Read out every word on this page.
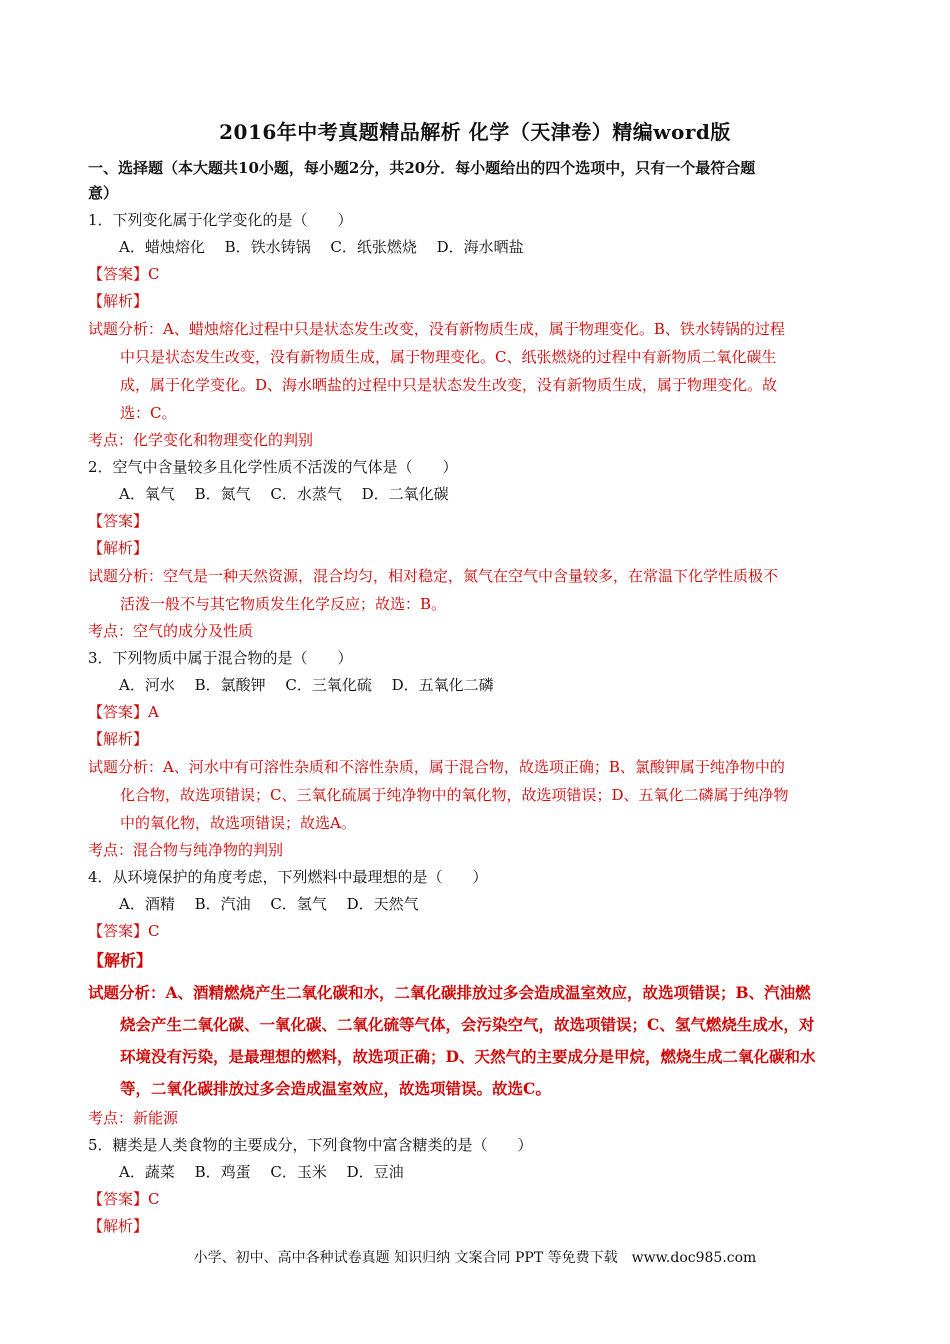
2016年中考真题精品解析 化学（天津卷）精编word版
一、选择题（本大题共10小题，每小题2分，共20分．每小题给出的四个选项中，只有一个最符合题
意）
1．下列变化属于化学变化的是（　　）
A．蜡烛熔化　 B．铁水铸锅　 C．纸张燃烧　 D．海水晒盐
【答案】C
【解析】
试题分析：A、蜡烛熔化过程中只是状态发生改变，没有新物质生成，属于物理变化。B、铁水铸锅的过程
中只是状态发生改变，没有新物质生成，属于物理变化。C、纸张燃烧的过程中有新物质二氧化碳生
成，属于化学变化。D、海水晒盐的过程中只是状态发生改变，没有新物质生成，属于物理变化。故
选：C。
考点：化学变化和物理变化的判别
2．空气中含量较多且化学性质不活泼的气体是（　　）
A．氧气　 B．氮气　 C．水蒸气　 D．二氧化碳
【答案】
【解析】
试题分析：空气是一种天然资源，混合均匀，相对稳定，氮气在空气中含量较多，在常温下化学性质极不
活泼一般不与其它物质发生化学反应；故选：B。
考点：空气的成分及性质
3．下列物质中属于混合物的是（　　）
A．河水　 B．氯酸钾　 C．三氧化硫　 D．五氧化二磷
【答案】A
【解析】
试题分析：A、河水中有可溶性杂质和不溶性杂质，属于混合物，故选项正确；B、氯酸钾属于纯净物中的
化合物，故选项错误；C、三氧化硫属于纯净物中的氧化物，故选项错误；D、五氧化二磷属于纯净物
中的氧化物，故选项错误；故选A。
考点：混合物与纯净物的判别
4．从环境保护的角度考虑，下列燃料中最理想的是（　　）
A．酒精　 B．汽油　 C．氢气　 D．天然气
【答案】C
【解析】
试题分析：A、酒精燃烧产生二氧化碳和水，二氧化碳排放过多会造成温室效应，故选项错误；B、汽油燃
烧会产生二氧化碳、一氧化碳、二氧化硫等气体，会污染空气，故选项错误；C、氢气燃烧生成水，对
环境没有污染，是最理想的燃料，故选项正确；D、天然气的主要成分是甲烷，燃烧生成二氧化碳和水
等，二氧化碳排放过多会造成温室效应，故选项错误。故选C。
考点：新能源
5．糖类是人类食物的主要成分，下列食物中富含糖类的是（　　）
A．蔬菜　 B．鸡蛋　 C．玉米　 D．豆油
【答案】C
【解析】
小学、初中、高中各种试卷真题 知识归纳 文案合同 PPT 等免费下载　www.doc985.com
